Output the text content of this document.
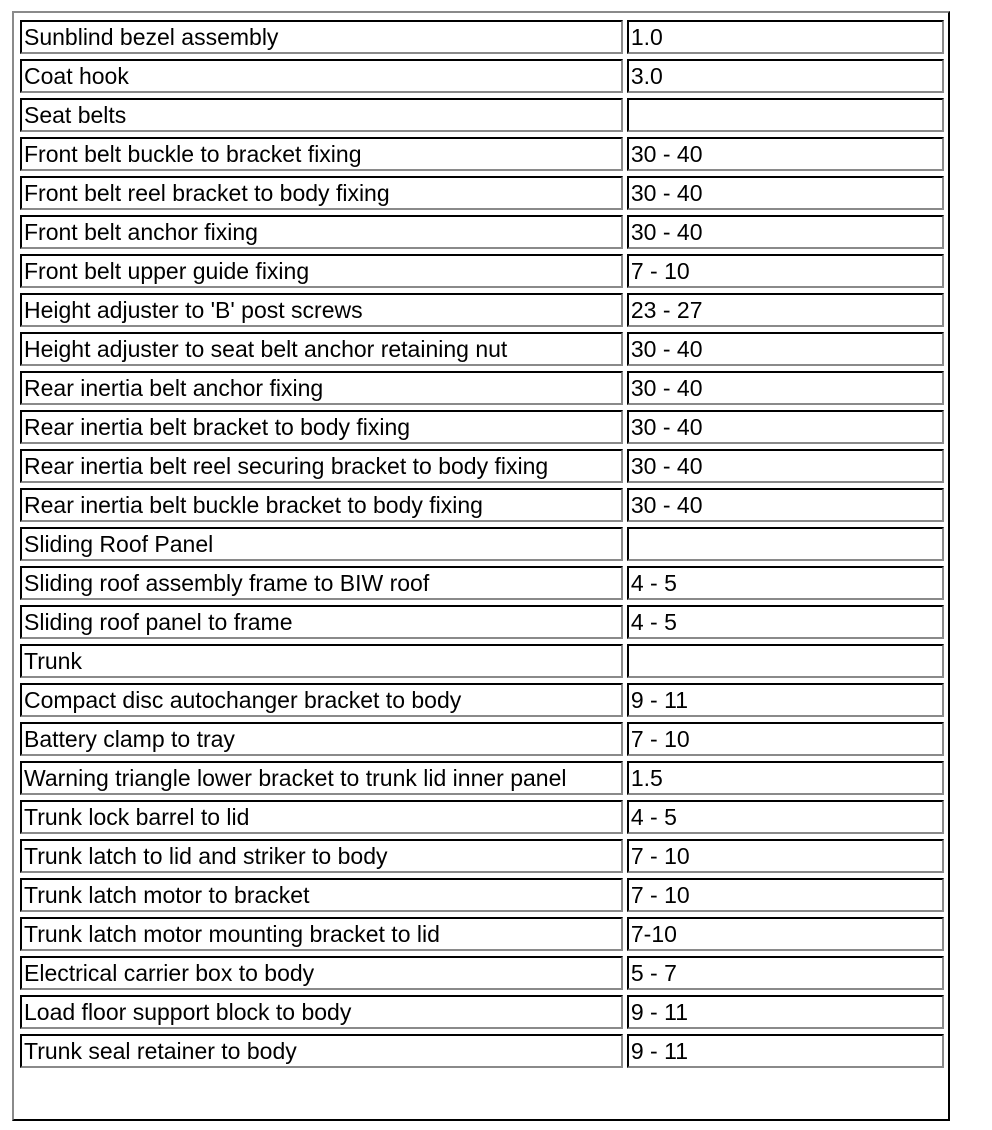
Sunblind bezel assembly	1.0
Coat hook	3.0
Seat belts	
Front belt buckle to bracket fixing	30 - 40
Front belt reel bracket to body fixing	30 - 40
Front belt anchor fixing	30 - 40
Front belt upper guide fixing	7 - 10
Height adjuster to 'B' post screws	23 - 27
Height adjuster to seat belt anchor retaining nut	30 - 40
Rear inertia belt anchor fixing	30 - 40
Rear inertia belt bracket to body fixing	30 - 40
Rear inertia belt reel securing bracket to body fixing	30 - 40
Rear inertia belt buckle bracket to body fixing	30 - 40
Sliding Roof Panel	
Sliding roof assembly frame to BIW roof	4 - 5
Sliding roof panel to frame	4 - 5
Trunk	
Compact disc autochanger bracket to body	9 - 11
Battery clamp to tray	7 - 10
Warning triangle lower bracket to trunk lid inner panel	1.5
Trunk lock barrel to lid	4 - 5
Trunk latch to lid and striker to body	7 - 10
Trunk latch motor to bracket	7 - 10
Trunk latch motor mounting bracket to lid	7-10
Electrical carrier box to body	5 - 7
Load floor support block to body	9 - 11
Trunk seal retainer to body	9 - 11
